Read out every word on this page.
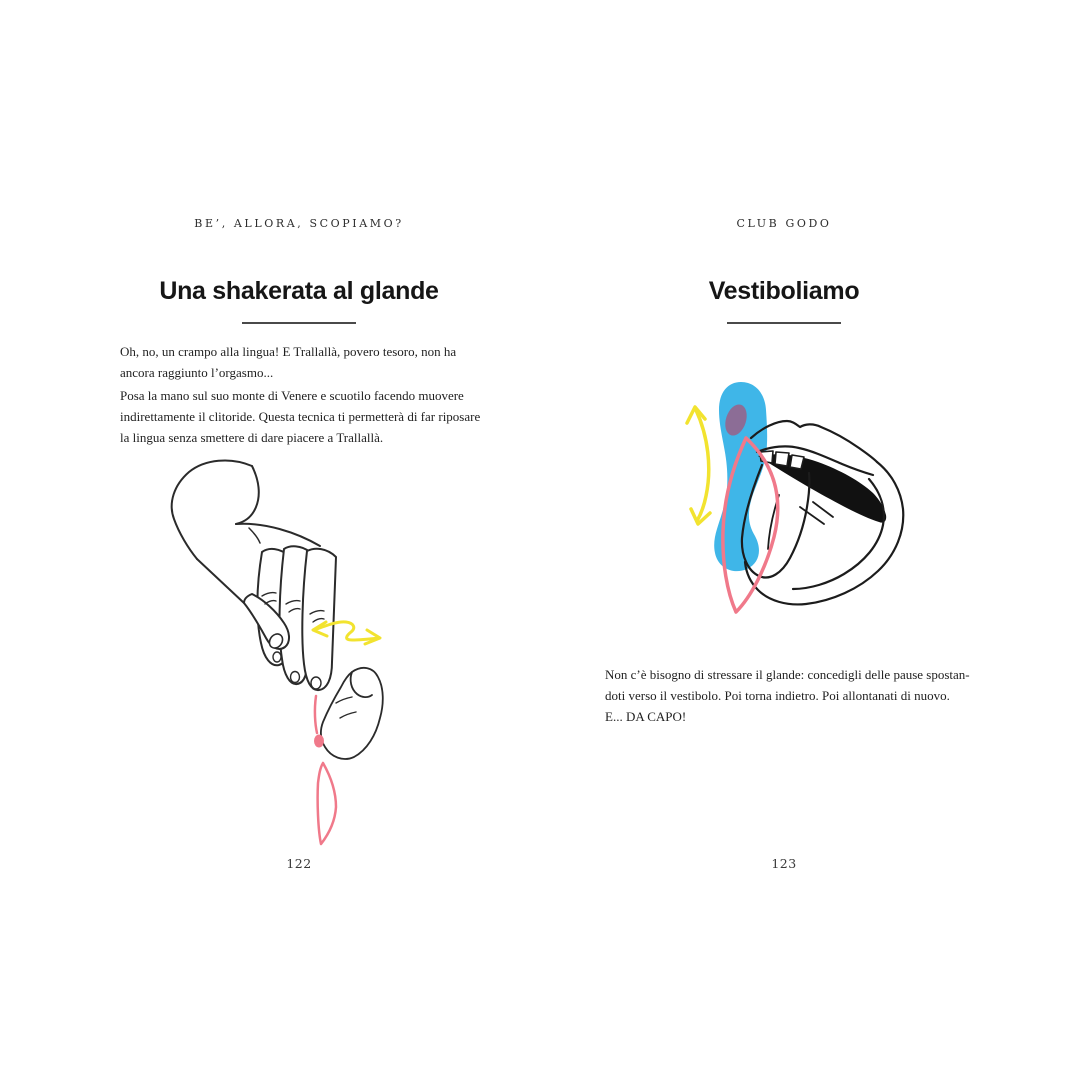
BE’, ALLORA, SCOPIAMO?
Una shakerata al glande

Oh, no, un crampo alla lingua! E Trallallà, povero tesoro, non ha
ancora raggiunto l’orgasmo...

Posa la mano sul suo monte di Venere e scuotilo facendo muovere
indirettamente il clitoride. Questa tecnica ti permetterà di far riposare
la lingua senza smettere di dare piacere a Trallallà.

122
CLUB GODO
Vestiboliamo

Non c’è bisogno di stressare il glande: concedigli delle pause spostan-
doti verso il vestibolo. Poi torna indietro. Poi allontanati di nuovo.
E... DA CAPO!

123
